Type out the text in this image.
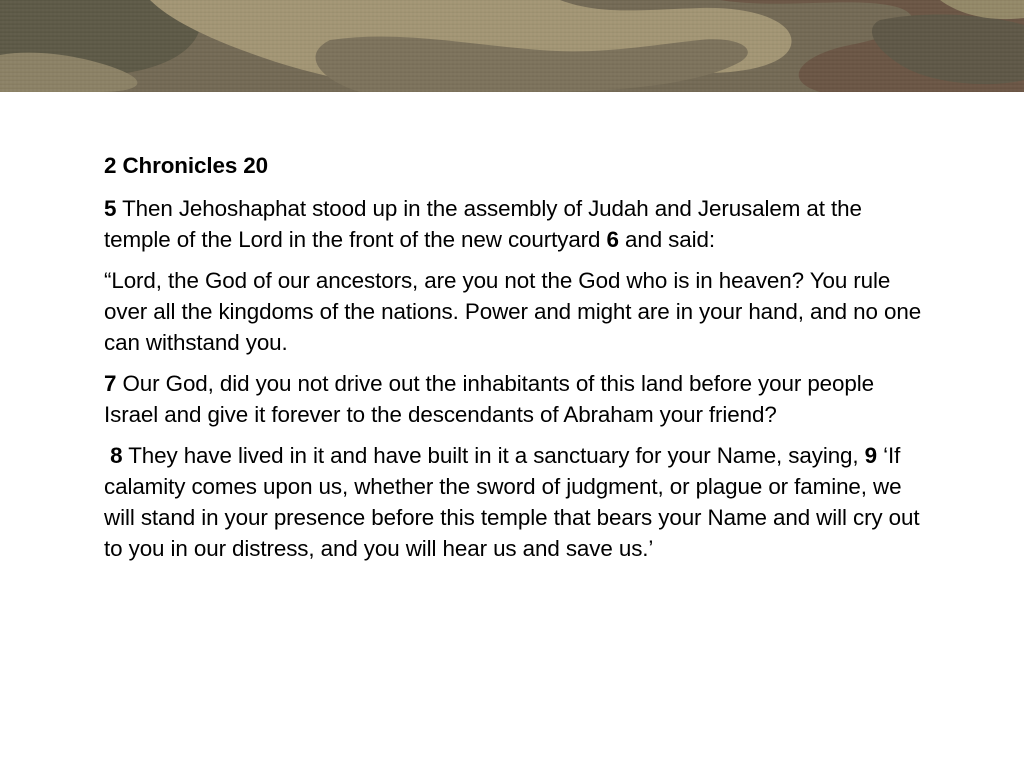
2 Chronicles 20

5 Then Jehoshaphat stood up in the assembly of Judah and Jerusalem at the temple of the Lord in the front of the new courtyard 6 and said:

“Lord, the God of our ancestors, are you not the God who is in heaven? You rule over all the kingdoms of the nations. Power and might are in your hand, and no one can withstand you.

7 Our God, did you not drive out the inhabitants of this land before your people Israel and give it forever to the descendants of Abraham your friend?

8 They have lived in it and have built in it a sanctuary for your Name, saying, 9 ‘If calamity comes upon us, whether the sword of judgment, or plague or famine, we will stand in your presence before this temple that bears your Name and will cry out to you in our distress, and you will hear us and save us.’
